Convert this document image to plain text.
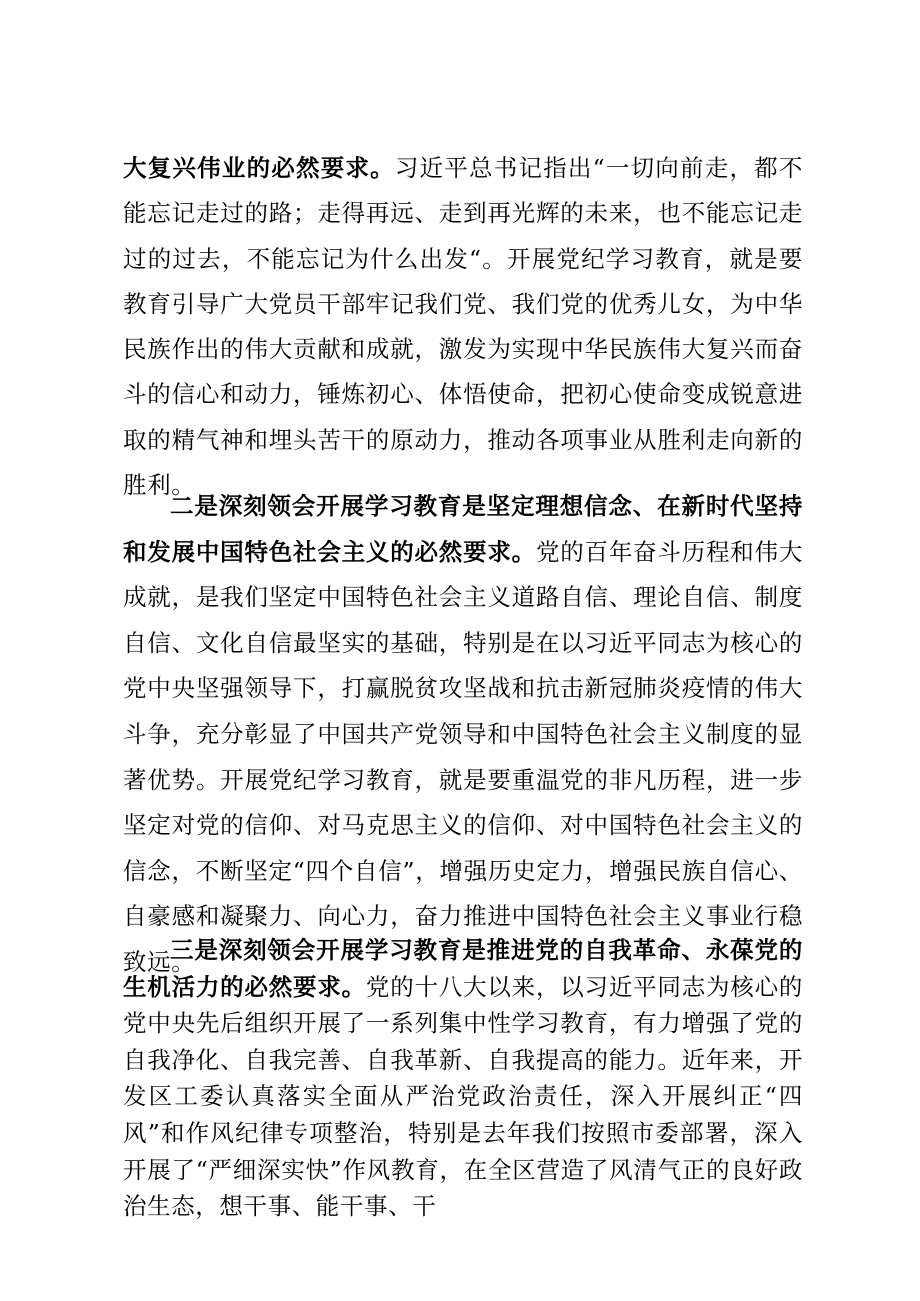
大复兴伟业的必然要求。习近平总书记指出“一切向前走，都不能忘记走过的路；走得再远、走到再光辉的未来，也不能忘记走过的过去，不能忘记为什么出发“。开展党纪学习教育，就是要教育引导广大党员干部牢记我们党、我们党的优秀儿女，为中华民族作出的伟大贡献和成就，激发为实现中华民族伟大复兴而奋斗的信心和动力，锤炼初心、体悟使命，把初心使命变成锐意进取的精气神和埋头苦干的原动力，推动各项事业从胜利走向新的胜利。

二是深刻领会开展学习教育是坚定理想信念、在新时代坚持和发展中国特色社会主义的必然要求。党的百年奋斗历程和伟大成就，是我们坚定中国特色社会主义道路自信、理论自信、制度自信、文化自信最坚实的基础，特别是在以习近平同志为核心的党中央坚强领导下，打赢脱贫攻坚战和抗击新冠肺炎疫情的伟大斗争，充分彰显了中国共产党领导和中国特色社会主义制度的显著优势。开展党纪学习教育，就是要重温党的非凡历程，进一步坚定对党的信仰、对马克思主义的信仰、对中国特色社会主义的信念，不断坚定“四个自信”，增强历史定力，增强民族自信心、自豪感和凝聚力、向心力，奋力推进中国特色社会主义事业行稳致远。

三是深刻领会开展学习教育是推进党的自我革命、永葆党的生机活力的必然要求。党的十八大以来，以习近平同志为核心的党中央先后组织开展了一系列集中性学习教育，有力增强了党的自我净化、自我完善、自我革新、自我提高的能力。近年来，开发区工委认真落实全面从严治党政治责任，深入开展纠正“四风”和作风纪律专项整治，特别是去年我们按照市委部署，深入开展了“严细深实快”作风教育，在全区营造了风清气正的良好政治生态，想干事、能干事、干
